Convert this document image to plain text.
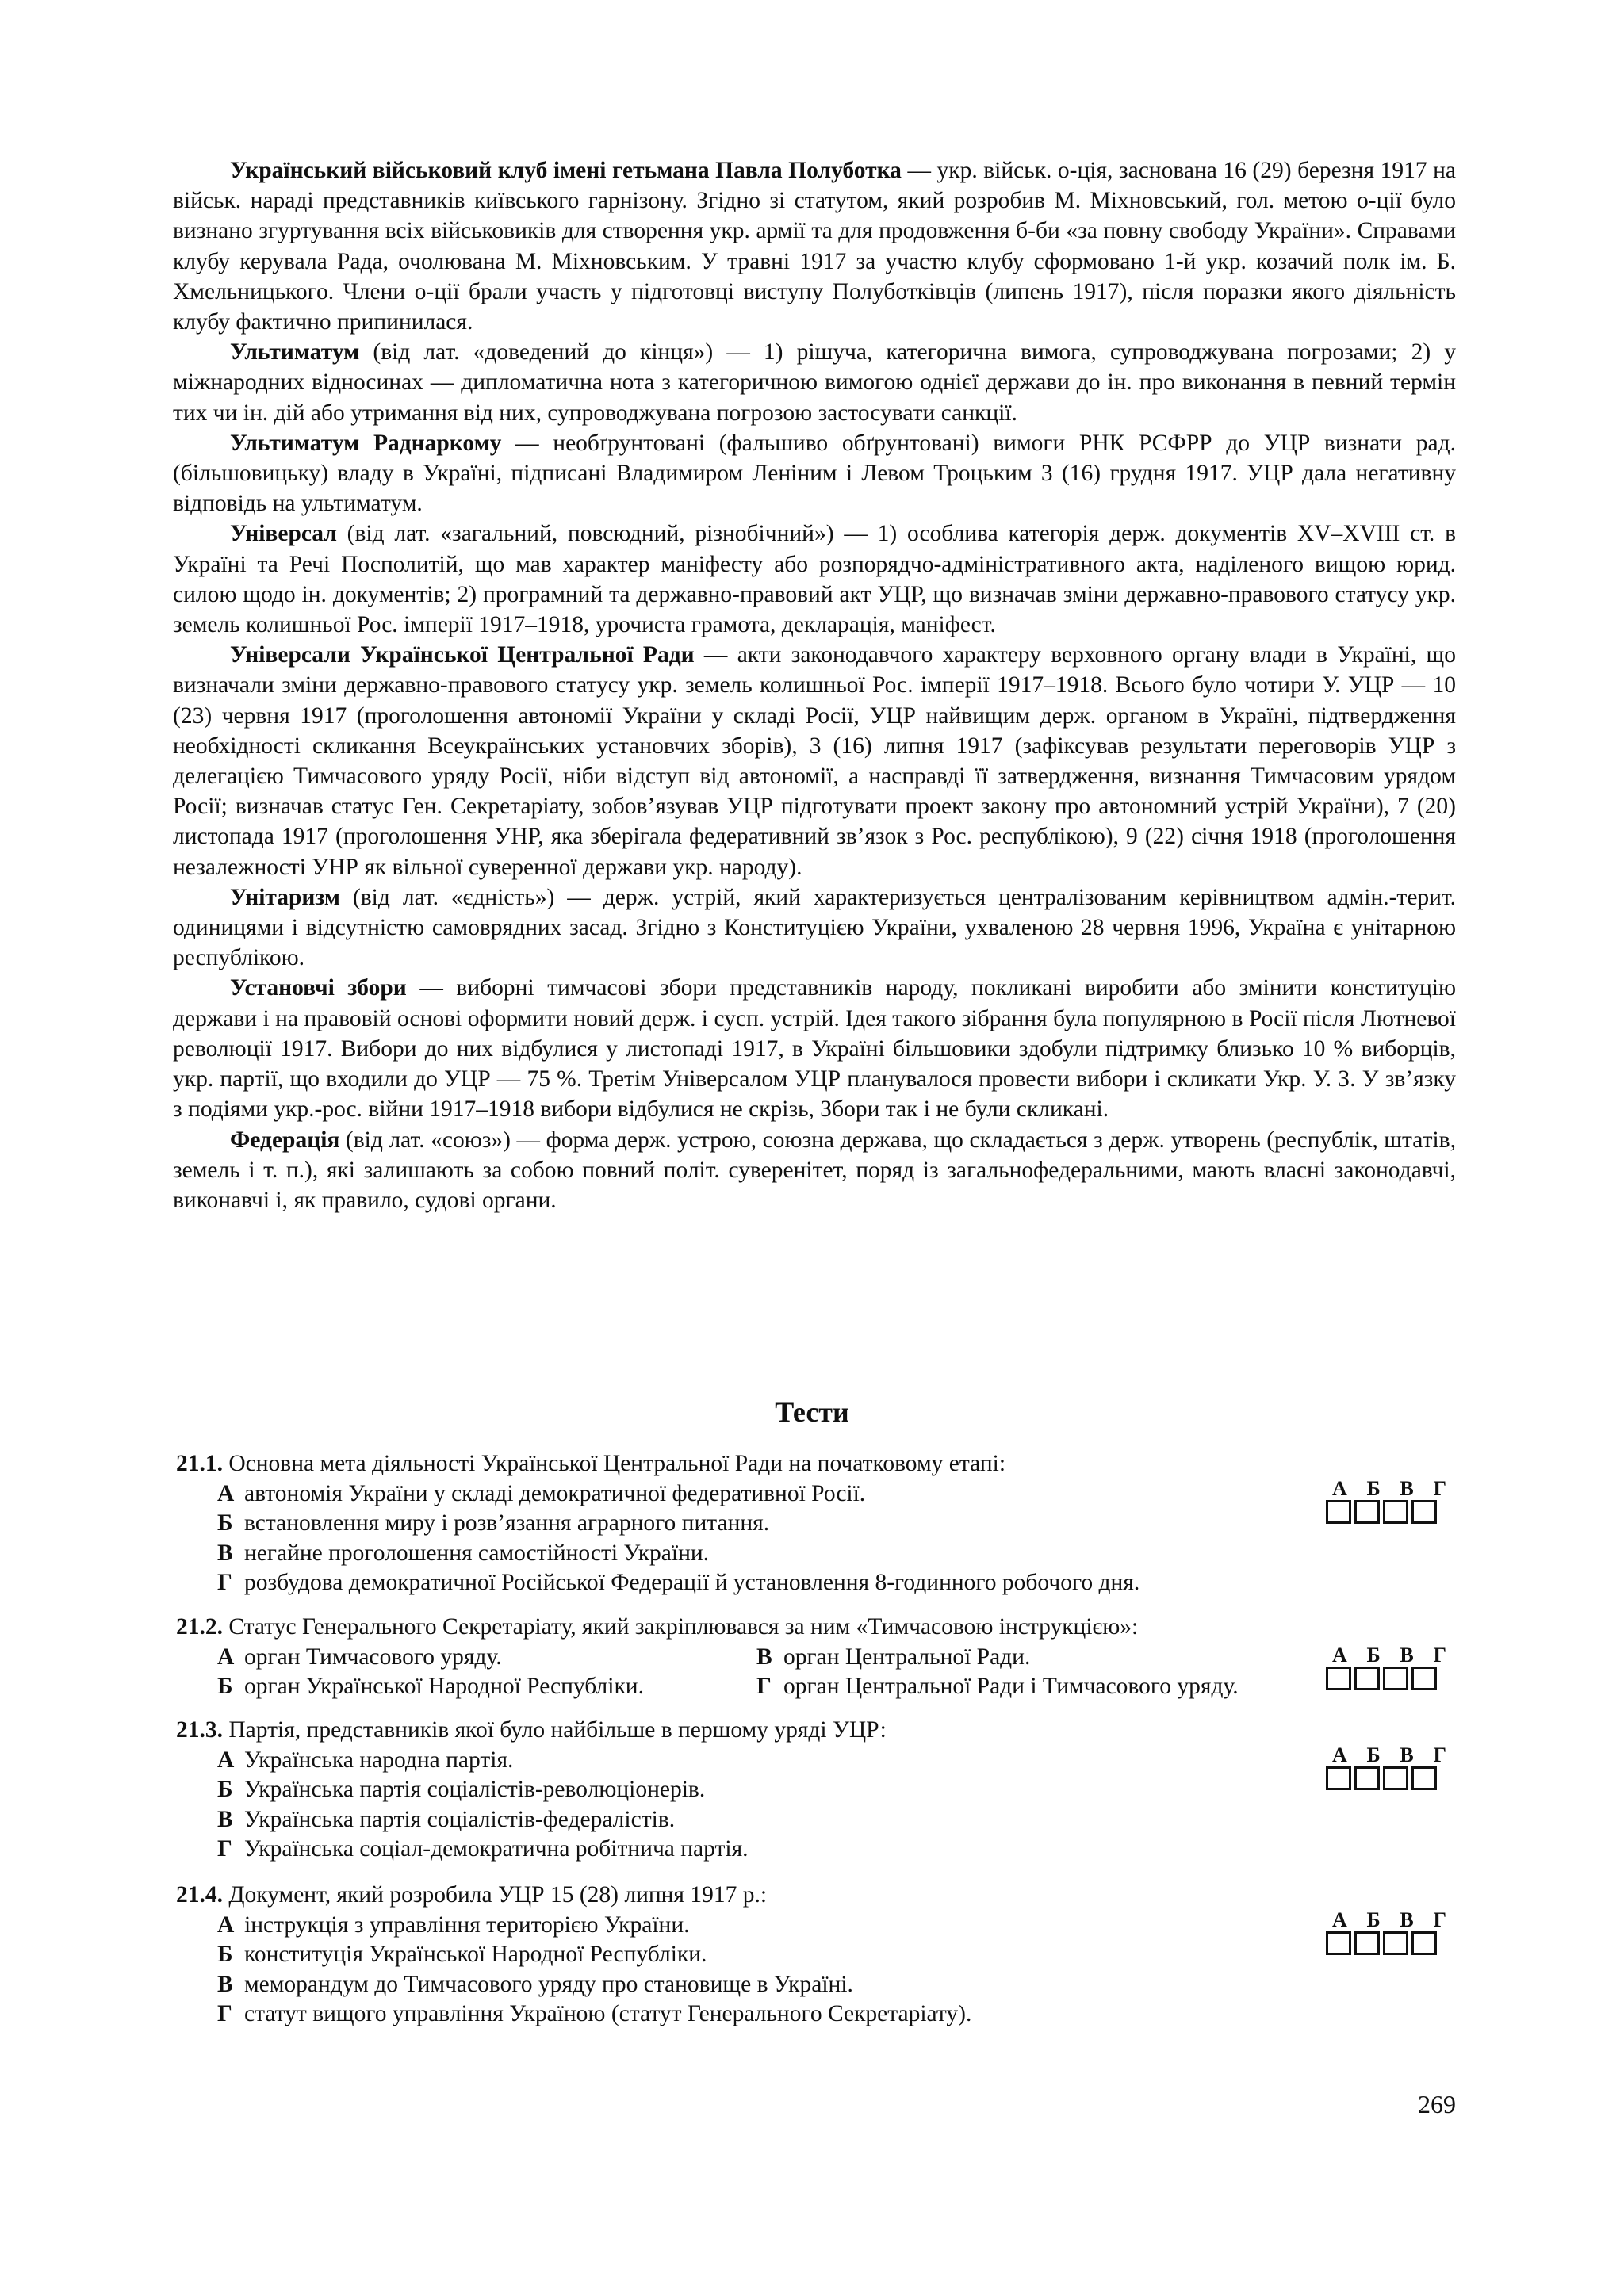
Український військовий клуб імені гетьмана Павла Полуботка — укр. військ. о-ція, заснована 16 (29) березня 1917 на військ. нараді представників київського гарнізону. Згідно зі статутом, який розробив М. Міхновський, гол. метою о-ції було визнано згуртування всіх військовиків для створення укр. армії та для продовження б-би «за повну свободу України». Справами клубу керувала Рада, очолювана М. Міхновським. У травні 1917 за участю клубу сформовано 1-й укр. козачий полк ім. Б. Хмельницького. Члени о-ції брали участь у підготовці виступу Полуботківців (липень 1917), після поразки якого діяльність клубу фактично припинилася.

Ультиматум (від лат. «доведений до кінця») — 1) рішуча, категорична вимога, супроводжувана погрозами; 2) у міжнародних відносинах — дипломатична нота з категоричною вимогою однієї держави до ін. про виконання в певний термін тих чи ін. дій або утримання від них, супроводжувана погрозою застосувати санкції.

Ультиматум Раднаркому — необґрунтовані (фальшиво обґрунтовані) вимоги РНК РСФРР до УЦР визнати рад. (більшовицьку) владу в Україні, підписані Владимиром Леніним і Левом Троцьким 3 (16) грудня 1917. УЦР дала негативну відповідь на ультиматум.

Універсал (від лат. «загальний, повсюдний, різнобічний») — 1) особлива категорія держ. документів XV–XVIII ст. в Україні та Речі Посполитій, що мав характер маніфесту або розпорядчо-адміністративного акта, наділеного вищою юрид. силою щодо ін. документів; 2) програмний та державно-правовий акт УЦР, що визначав зміни державно-правового статусу укр. земель колишньої Рос. імперії 1917–1918, урочиста грамота, декларація, маніфест.

Універсали Української Центральної Ради — акти законодавчого характеру верховного органу влади в Україні, що визначали зміни державно-правового статусу укр. земель колишньої Рос. імперії 1917–1918. Всього було чотири У. УЦР — 10 (23) червня 1917 (проголошення автономії України у складі Росії, УЦР найвищим держ. органом в Україні, підтвердження необхідності скликання Всеукраїнських установчих зборів), 3 (16) липня 1917 (зафіксував результати переговорів УЦР з делегацією Тимчасового уряду Росії, ніби відступ від автономії, а насправді її затвердження, визнання Тимчасовим урядом Росії; визначав статус Ген. Секретаріату, зобов’язував УЦР підготувати проект закону про автономний устрій України), 7 (20) листопада 1917 (проголошення УНР, яка зберігала федеративний зв’язок з Рос. республікою), 9 (22) січня 1918 (проголошення незалежності УНР як вільної суверенної держави укр. народу).

Унітаризм (від лат. «єдність») — держ. устрій, який характеризується централізованим керівництвом адмін.-терит. одиницями і відсутністю самоврядних засад. Згідно з Конституцією України, ухваленою 28 червня 1996, Україна є унітарною республікою.

Установчі збори — виборні тимчасові збори представників народу, покликані виробити або змінити конституцію держави і на правовій основі оформити новий держ. і сусп. устрій. Ідея такого зібрання була популярною в Росії після Лютневої революції 1917. Вибори до них відбулися у листопаді 1917, в Україні більшовики здобули підтримку близько 10 % виборців, укр. партії, що входили до УЦР — 75 %. Третім Універсалом УЦР планувалося провести вибори і скликати Укр. У. З. У зв’язку з подіями укр.-рос. війни 1917–1918 вибори відбулися не скрізь, Збори так і не були скликані.

Федерація (від лат. «союз») — форма держ. устрою, союзна держава, що складається з держ. утворень (республік, штатів, земель і т. п.), які залишають за собою повний політ. суверенітет, поряд із загальнофедеральними, мають власні законодавчі, виконавчі і, як правило, судові органи.

Тести
21.1. Основна мета діяльності Української Центральної Ради на початковому етапі:
А автономія України у складі демократичної федеративної Росії.
Б встановлення миру і розв’язання аграрного питання.
В негайне проголошення самостійності України.
Г розбудова демократичної Російської Федерації й установлення 8-годинного робочого дня.
А Б В Г
21.2. Статус Генерального Секретаріату, який закріплювався за ним «Тимчасовою інструкцією»:
А орган Тимчасового уряду.	В орган Центральної Ради.
Б орган Української Народної Республіки.	Г орган Центральної Ради і Тимчасового уряду.
А Б В Г
21.3. Партія, представників якої було найбільше в першому уряді УЦР:
А Українська народна партія.
Б Українська партія соціалістів-революціонерів.
В Українська партія соціалістів-федералістів.
Г Українська соціал-демократична робітнича партія.
А Б В Г
21.4. Документ, який розробила УЦР 15 (28) липня 1917 р.:
А інструкція з управління територією України.
Б конституція Української Народної Республіки.
В меморандум до Тимчасового уряду про становище в Україні.
Г статут вищого управління Україною (статут Генерального Секретаріату).
А Б В Г
269
